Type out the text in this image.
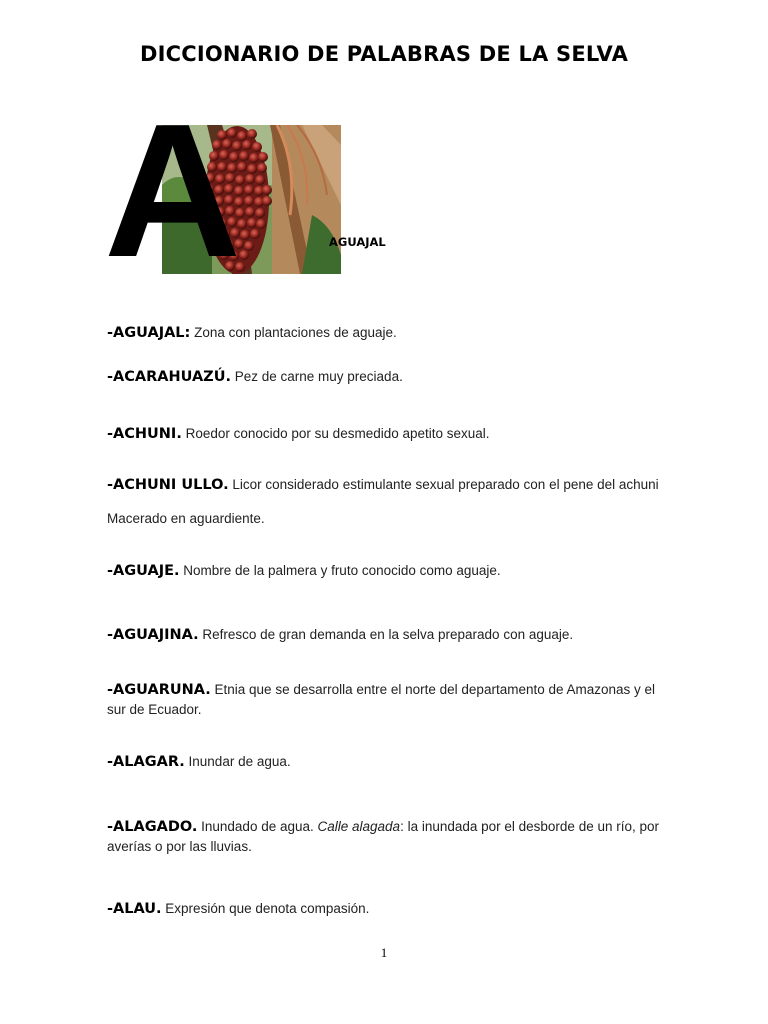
DICCIONARIO DE PALABRAS DE LA SELVA
A	AGUAJAL
-AGUAJAL: Zona con plantaciones de aguaje.
-ACARAHUAZÚ. Pez de carne muy preciada.
-ACHUNI. Roedor conocido por su desmedido apetito sexual.
-ACHUNI ULLO. Licor considerado estimulante sexual preparado con el pene del achuni
Macerado en aguardiente.
-AGUAJE. Nombre de la palmera y fruto conocido como aguaje.
-AGUAJINA. Refresco de gran demanda en la selva preparado con aguaje.
-AGUARUNA. Etnia que se desarrolla entre el norte del departamento de Amazonas y el sur de Ecuador.
-ALAGAR. Inundar de agua.
-ALAGADO. Inundado de agua. Calle alagada: la inundada por el desborde de un río, por averías o por las lluvias.
-ALAU. Expresión que denota compasión.
1
